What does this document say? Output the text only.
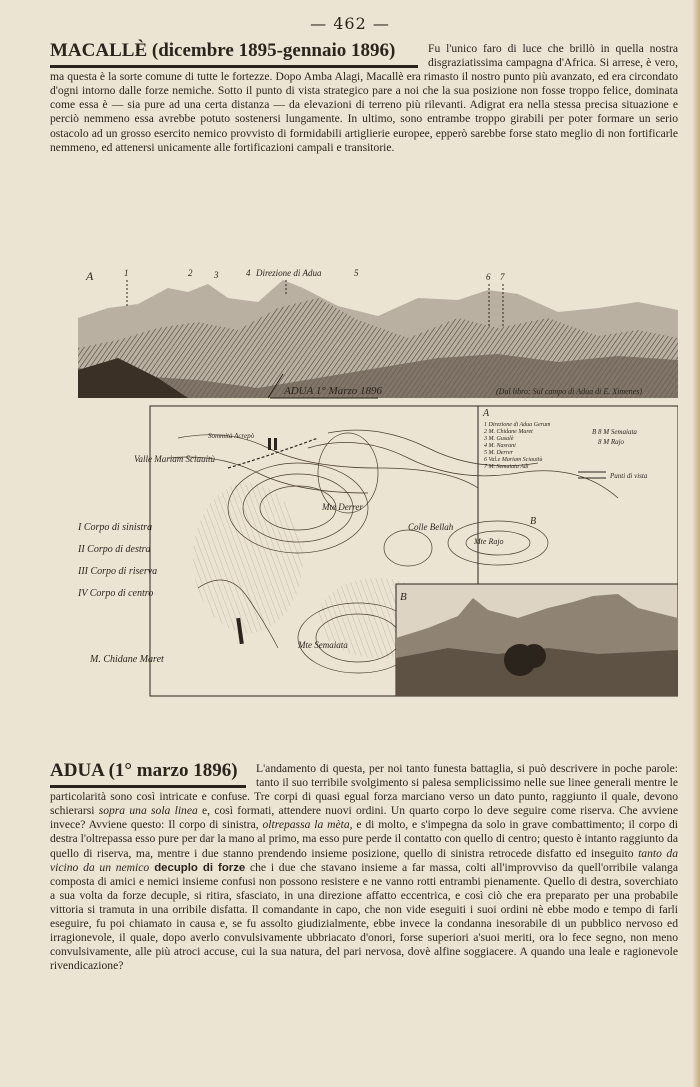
— 462 —
MACALLÈ (dicembre 1895-gennaio 1896)	Fu l'unico faro di luce che brillò in quella nostra disgraziatissima campagna d'Africa. Si arrese, è vero, ma questa è la sorte comune di tutte le fortezze. Dopo Amba Alagi, Macallè era rimasto il nostro punto più avanzato, ed era circondato d'ogni intorno dalle forze nemiche. Sotto il punto di vista strategico pare a noi che la sua posizione non fosse troppo felice, dominata come essa è — sia pure ad una certa distanza — da elevazioni di terreno più rilevanti. Adigrat era nella stessa precisa situazione e perciò nemmeno essa avrebbe potuto sostenersi lungamente. In ultimo, sono entrambe troppo girabili per poter formare un serio ostacolo ad un grosso esercito nemico provvisto di formidabili artiglierie europee, epperò sarebbe forse stato meglio di non fortificarle nemmeno, ed attenersi unicamente alle fortificazioni campali e transitorie.
A	1	2 3	4 Direzione di Adua	5	6 7
ADUA 1° Marzo 1896
Valle Mariam Sciauitù
Sommità Acrepò
Mte Derrer
Colle Bellah
Mte Rajo
B
Mte Semaiata
M. Chidane Maret
I Corpo di sinistra
II Corpo di destra
III Corpo di riserva
IV Corpo di centro
(Dal libro: Sul campo di Adua di E. Ximenes)
A
1 Direzione di Adua Gerum
2 M. Chidane Maret
3 M. Gusalè
4 M. Nasrani
5 M. Derrer
6 Val.e Mariam Sciauitù
7 M. Semaiata Adi
B 8 M Semaiata
8 M Rajo
Punti di vista
B
ADUA (1° marzo 1896)	L'andamento di questa, per noi tanto funesta battaglia, si può descrivere in poche parole: tanto il suo terribile svolgimento si palesa semplicissimo nelle sue linee generali mentre le particolarità sono così intricate e confuse. Tre corpi di quasi egual forza marciano verso un dato punto, raggiunto il quale, devono schierarsi sopra una sola linea e, così formati, attendere nuovi ordini. Un quarto corpo lo deve seguire come riserva. Che avviene invece? Avviene questo: Il corpo di sinistra, oltrepassa la mèta, e di molto, e s'impegna da solo in grave combattimento; il corpo di destra l'oltrepassa esso pure per dar la mano al primo, ma esso pure perde il contatto con quello di centro; questo è intanto raggiunto da quello di riserva, ma, mentre i due stanno prendendo insieme posizione, quello di sinistra retrocede disfatto ed inseguito tanto da vicino da un nemico decuplo di forze che i due che stavano insieme a far massa, colti all'improvviso da quell'orribile valanga composta di amici e nemici insieme confusi non possono resistere e ne vanno rotti entrambi pienamente. Quello di destra, soverchiato a sua volta da forze decuple, si ritira, sfasciato, in una direzione affatto eccentrica, e così ciò che era preparato per una probabile vittoria si tramuta in una orribile disfatta. Il comandante in capo, che non vide eseguiti i suoi ordini nè ebbe modo e tempo di farli eseguire, fu poi chiamato in causa e, se fu assolto giudizialmente, ebbe invece la condanna inesorabile di un pubblico nervoso ed irragionevole, il quale, dopo averlo convulsivamente ubbriacato d'onori, forse superiori a'suoi meriti, ora lo fece segno, non meno convulsivamente, alle più atroci accuse, cui la sua natura, del pari nervosa, dovè alfine soggiacere. A quando una leale e ragionevole rivendicazione?
